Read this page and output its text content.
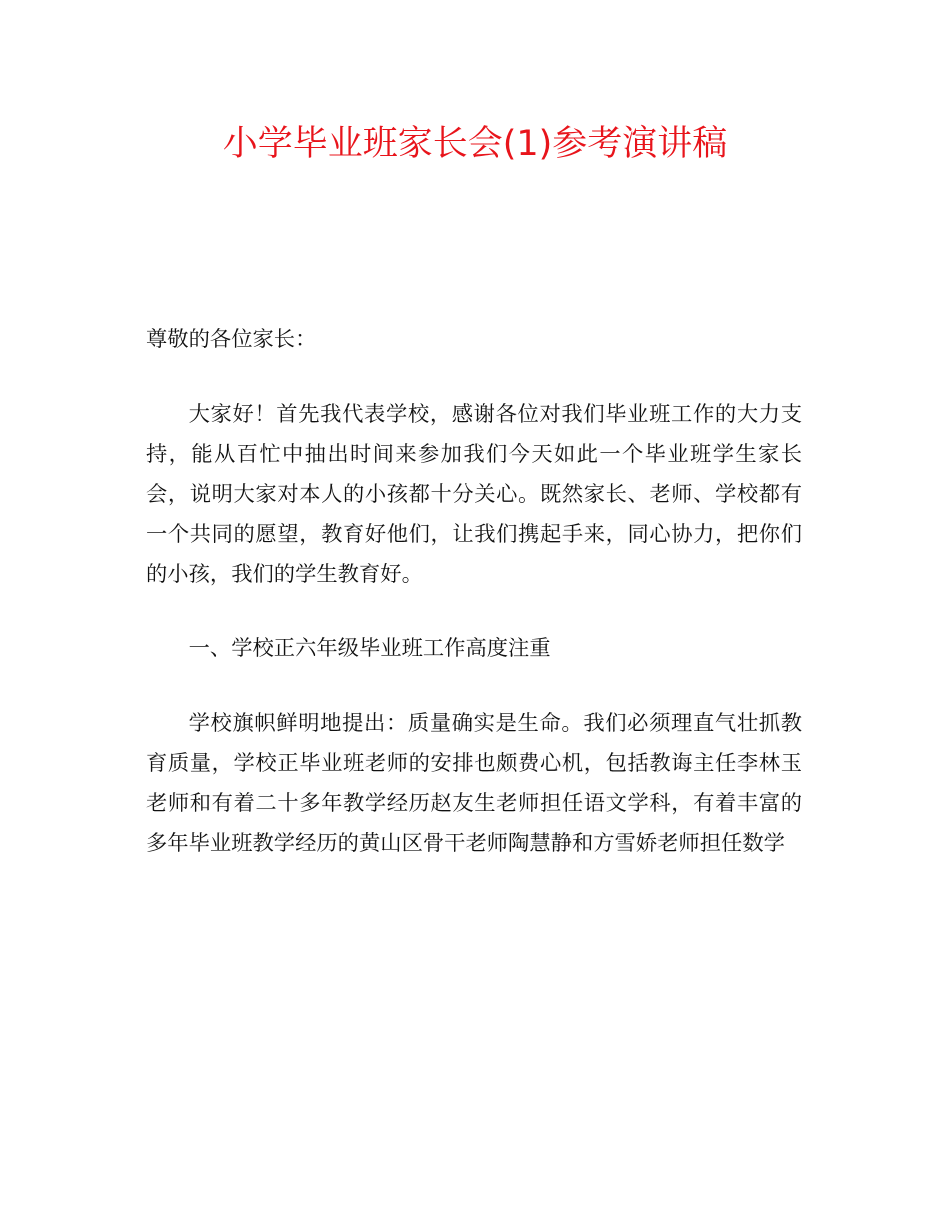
小学毕业班家长会(1)参考演讲稿

尊敬的各位家长：

大家好！首先我代表学校，感谢各位对我们毕业班工作的大力支持，能从百忙中抽出时间来参加我们今天如此一个毕业班学生家长会，说明大家对本人的小孩都十分关心。既然家长、老师、学校都有一个共同的愿望，教育好他们，让我们携起手来，同心协力，把你们的小孩，我们的学生教育好。

一、学校正六年级毕业班工作高度注重

学校旗帜鲜明地提出：质量确实是生命。我们必须理直气壮抓教育质量，学校正毕业班老师的安排也颇费心机，包括教诲主任李林玉老师和有着二十多年教学经历赵友生老师担任语文学科，有着丰富的多年毕业班教学经历的黄山区骨干老师陶慧静和方雪娇老师担任数学
